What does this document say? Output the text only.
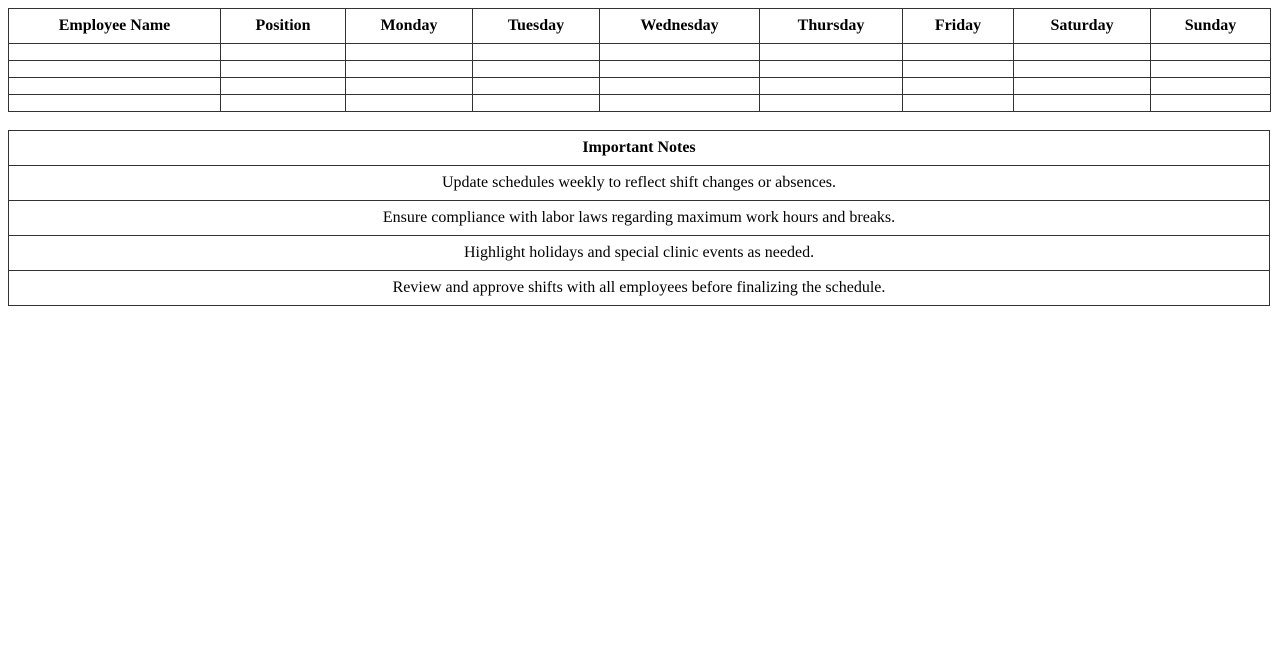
Employee Name	Position	Monday	Tuesday	Wednesday	Thursday	Friday	Saturday	Sunday

Important Notes
Update schedules weekly to reflect shift changes or absences.
Ensure compliance with labor laws regarding maximum work hours and breaks.
Highlight holidays and special clinic events as needed.
Review and approve shifts with all employees before finalizing the schedule.
